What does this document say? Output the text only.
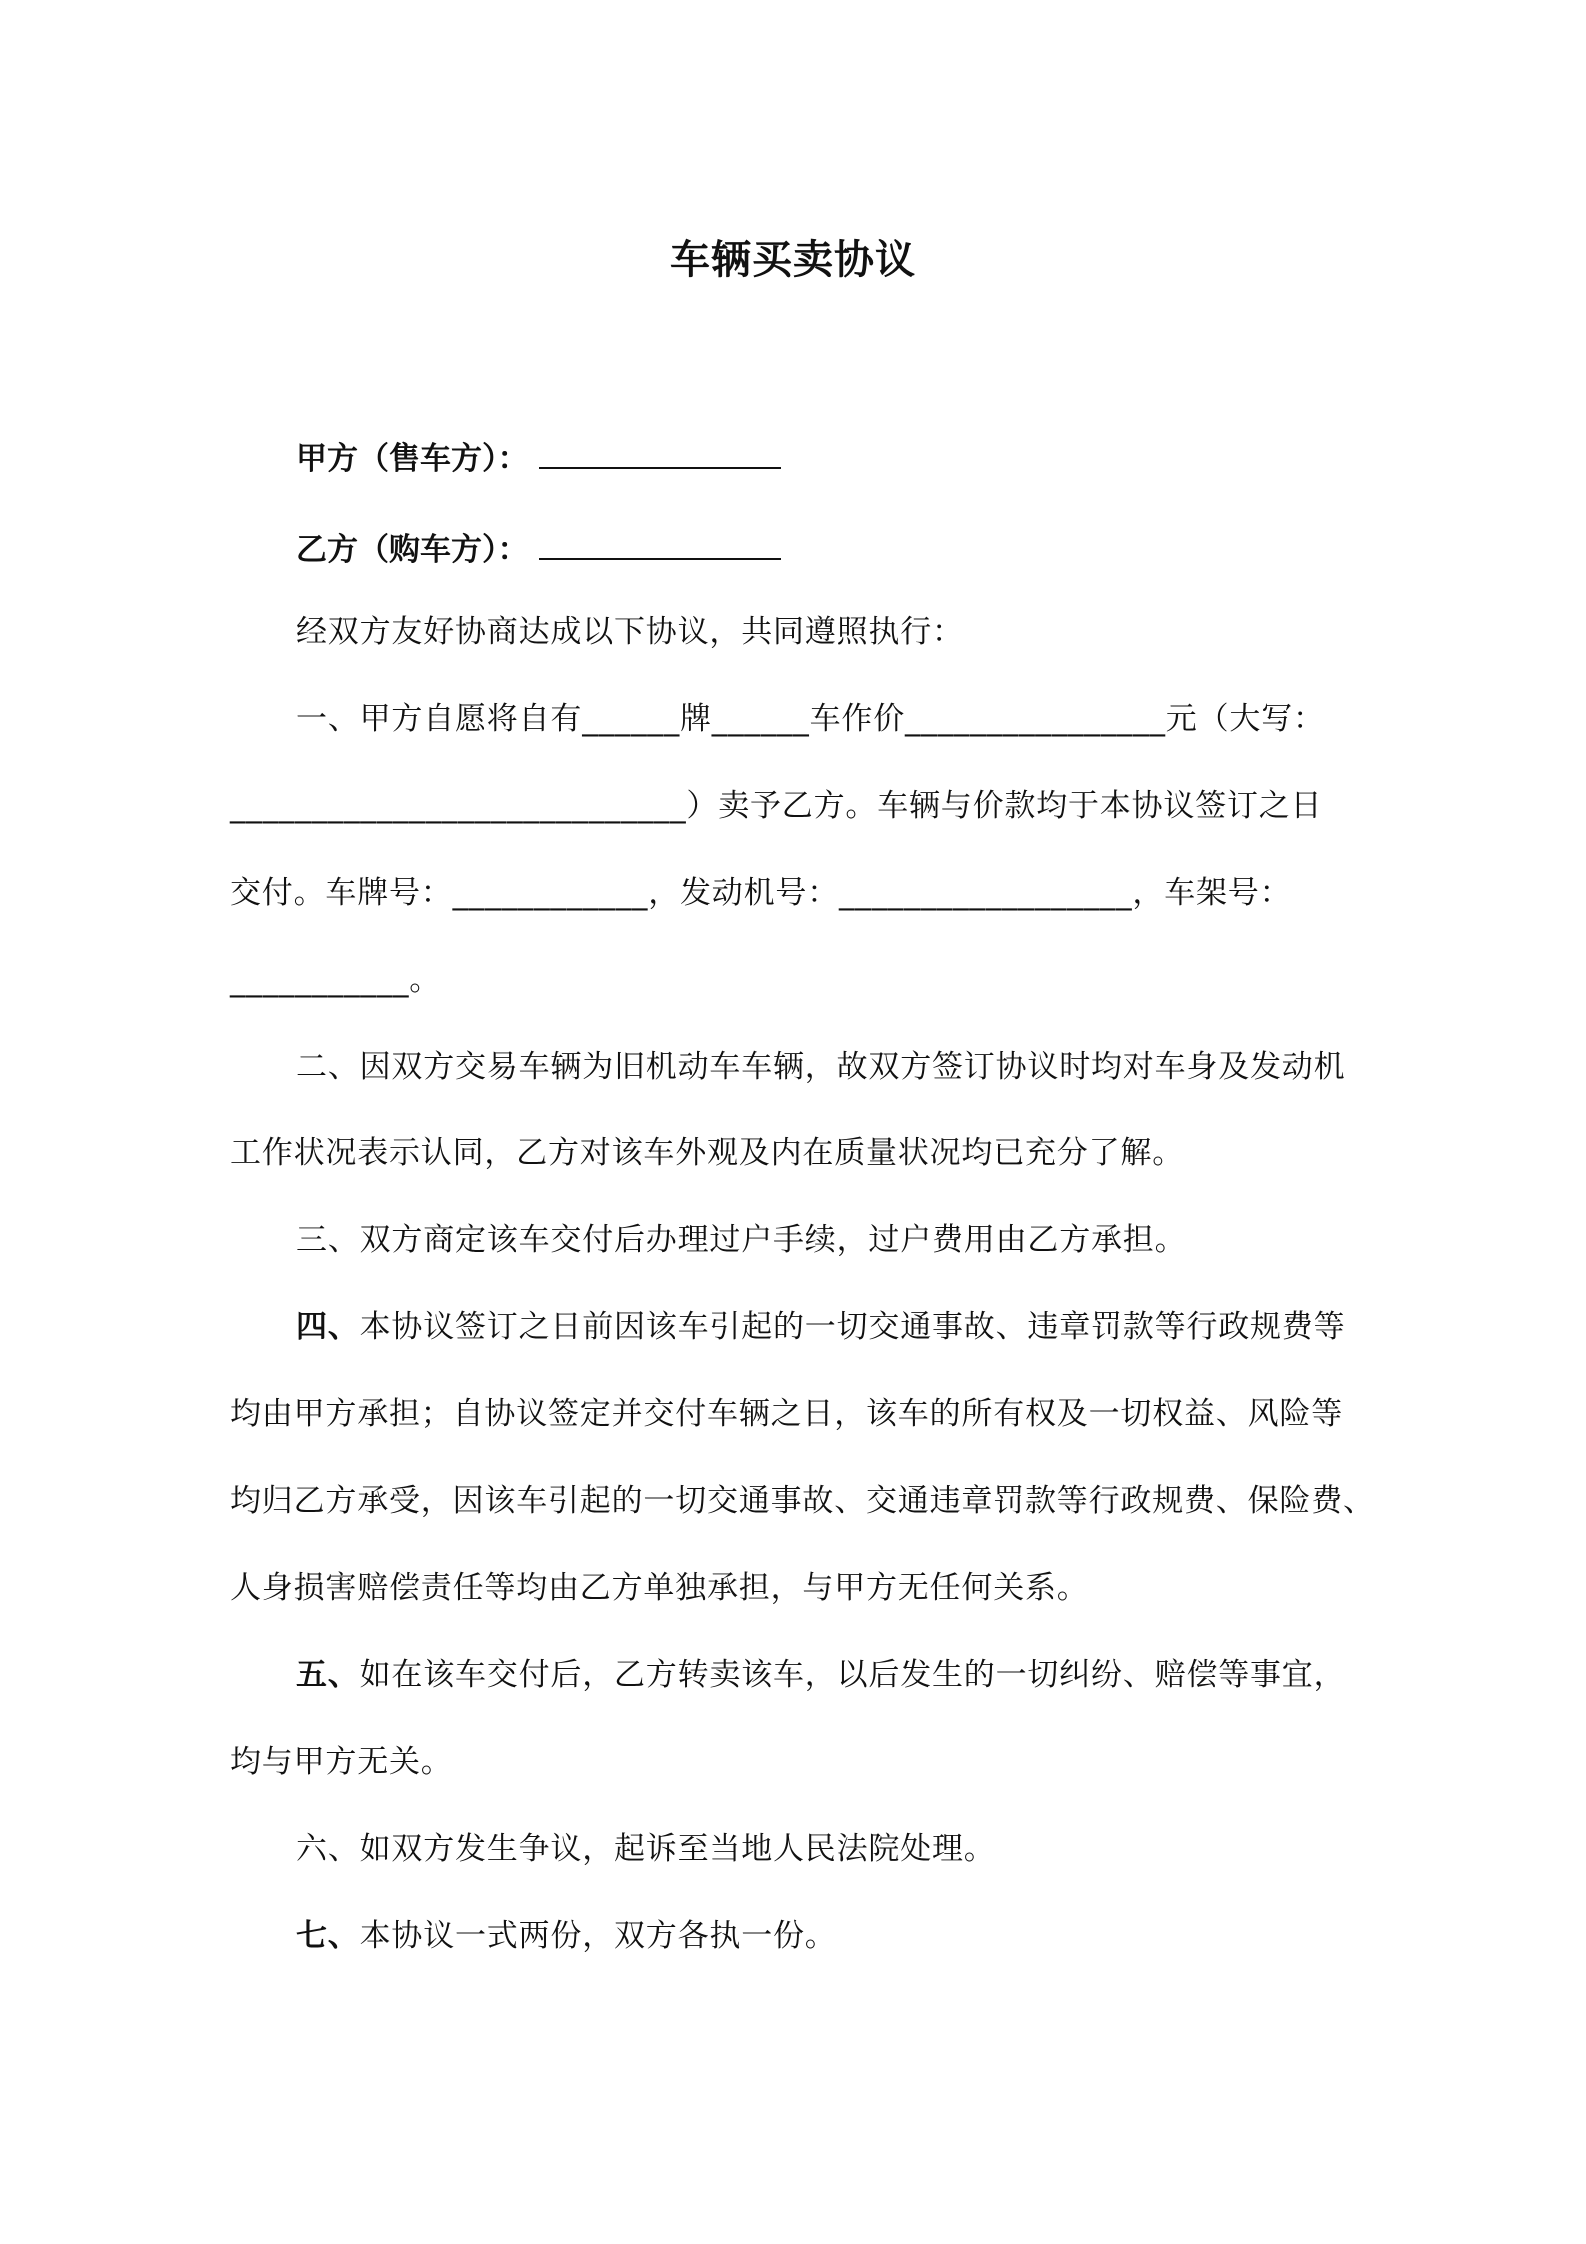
车辆买卖协议
甲方（售车方）：
乙方（购车方）：
经双方友好协商达成以下协议，共同遵照执行：
一、甲方自愿将自有______牌______车作价________________元（大写：
____________________________）卖予乙方。车辆与价款均于本协议签订之日
交付。车牌号：____________，发动机号：__________________，车架号：
___________。
二、因双方交易车辆为旧机动车车辆，故双方签订协议时均对车身及发动机
工作状况表示认同，乙方对该车外观及内在质量状况均已充分了解。
三、双方商定该车交付后办理过户手续，过户费用由乙方承担。
四、本协议签订之日前因该车引起的一切交通事故、违章罚款等行政规费等
均由甲方承担；自协议签定并交付车辆之日，该车的所有权及一切权益、风险等
均归乙方承受，因该车引起的一切交通事故、交通违章罚款等行政规费、保险费、
人身损害赔偿责任等均由乙方单独承担，与甲方无任何关系。
五、如在该车交付后，乙方转卖该车，以后发生的一切纠纷、赔偿等事宜，
均与甲方无关。
六、如双方发生争议，起诉至当地人民法院处理。
七、本协议一式两份，双方各执一份。
